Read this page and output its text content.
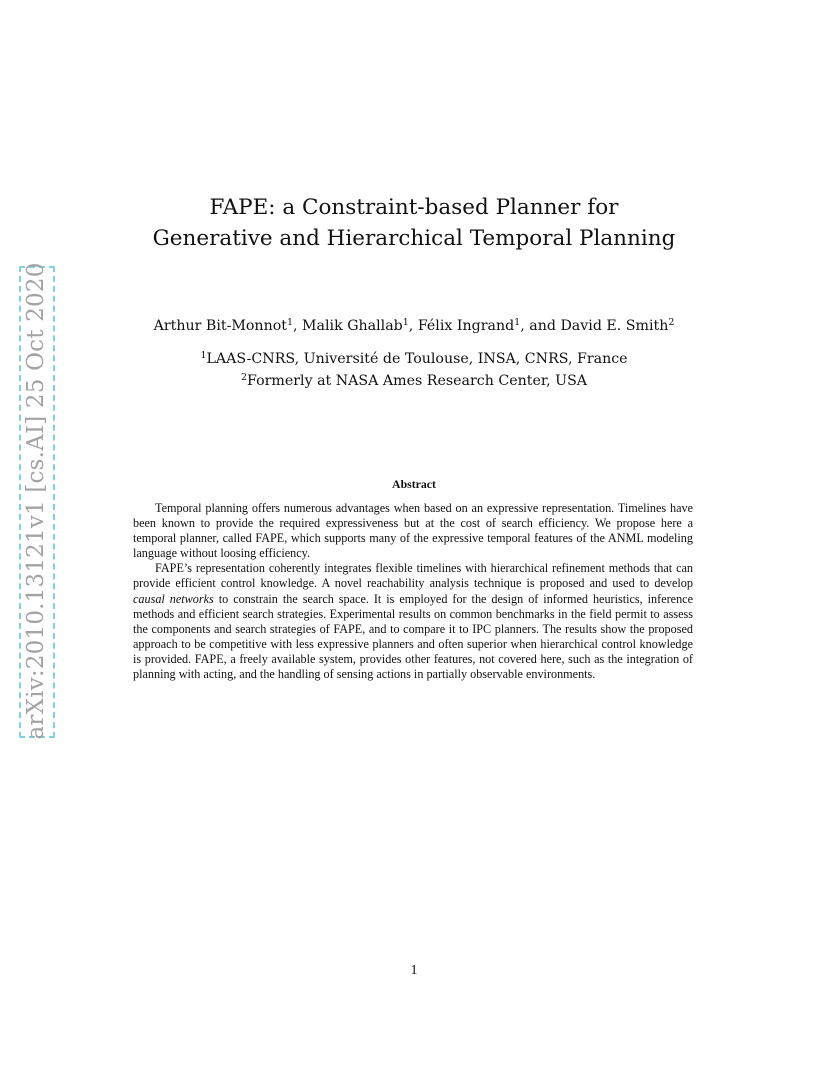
arXiv:2010.13121v1 [cs.AI] 25 Oct 2020
FAPE: a Constraint-based Planner for
Generative and Hierarchical Temporal Planning
Arthur Bit-Monnot$^1$, Malik Ghallab$^1$, Félix Ingrand$^1$, and David E. Smith$^2$
$^1$LAAS-CNRS, Université de Toulouse, INSA, CNRS, France
$^2$Formerly at NASA Ames Research Center, USA
Abstract

Temporal planning offers numerous advantages when based on an expressive representation. Timelines have been known to provide the required expressiveness but at the cost of search efficiency. We propose here a temporal planner, called FAPE, which supports many of the expressive temporal features of the ANML modeling language without loosing efficiency.

FAPE’s representation coherently integrates flexible timelines with hierarchical refinement methods that can provide efficient control knowledge. A novel reachability analysis technique is proposed and used to develop causal networks to constrain the search space. It is employed for the design of informed heuristics, inference methods and efficient search strategies. Experimental results on common benchmarks in the field permit to assess the components and search strategies of FAPE, and to compare it to IPC planners. The results show the proposed approach to be competitive with less expressive planners and often superior when hierarchical control knowledge is provided. FAPE, a freely available system, provides other features, not covered here, such as the integration of planning with acting, and the handling of sensing actions in partially observable environments.

1
